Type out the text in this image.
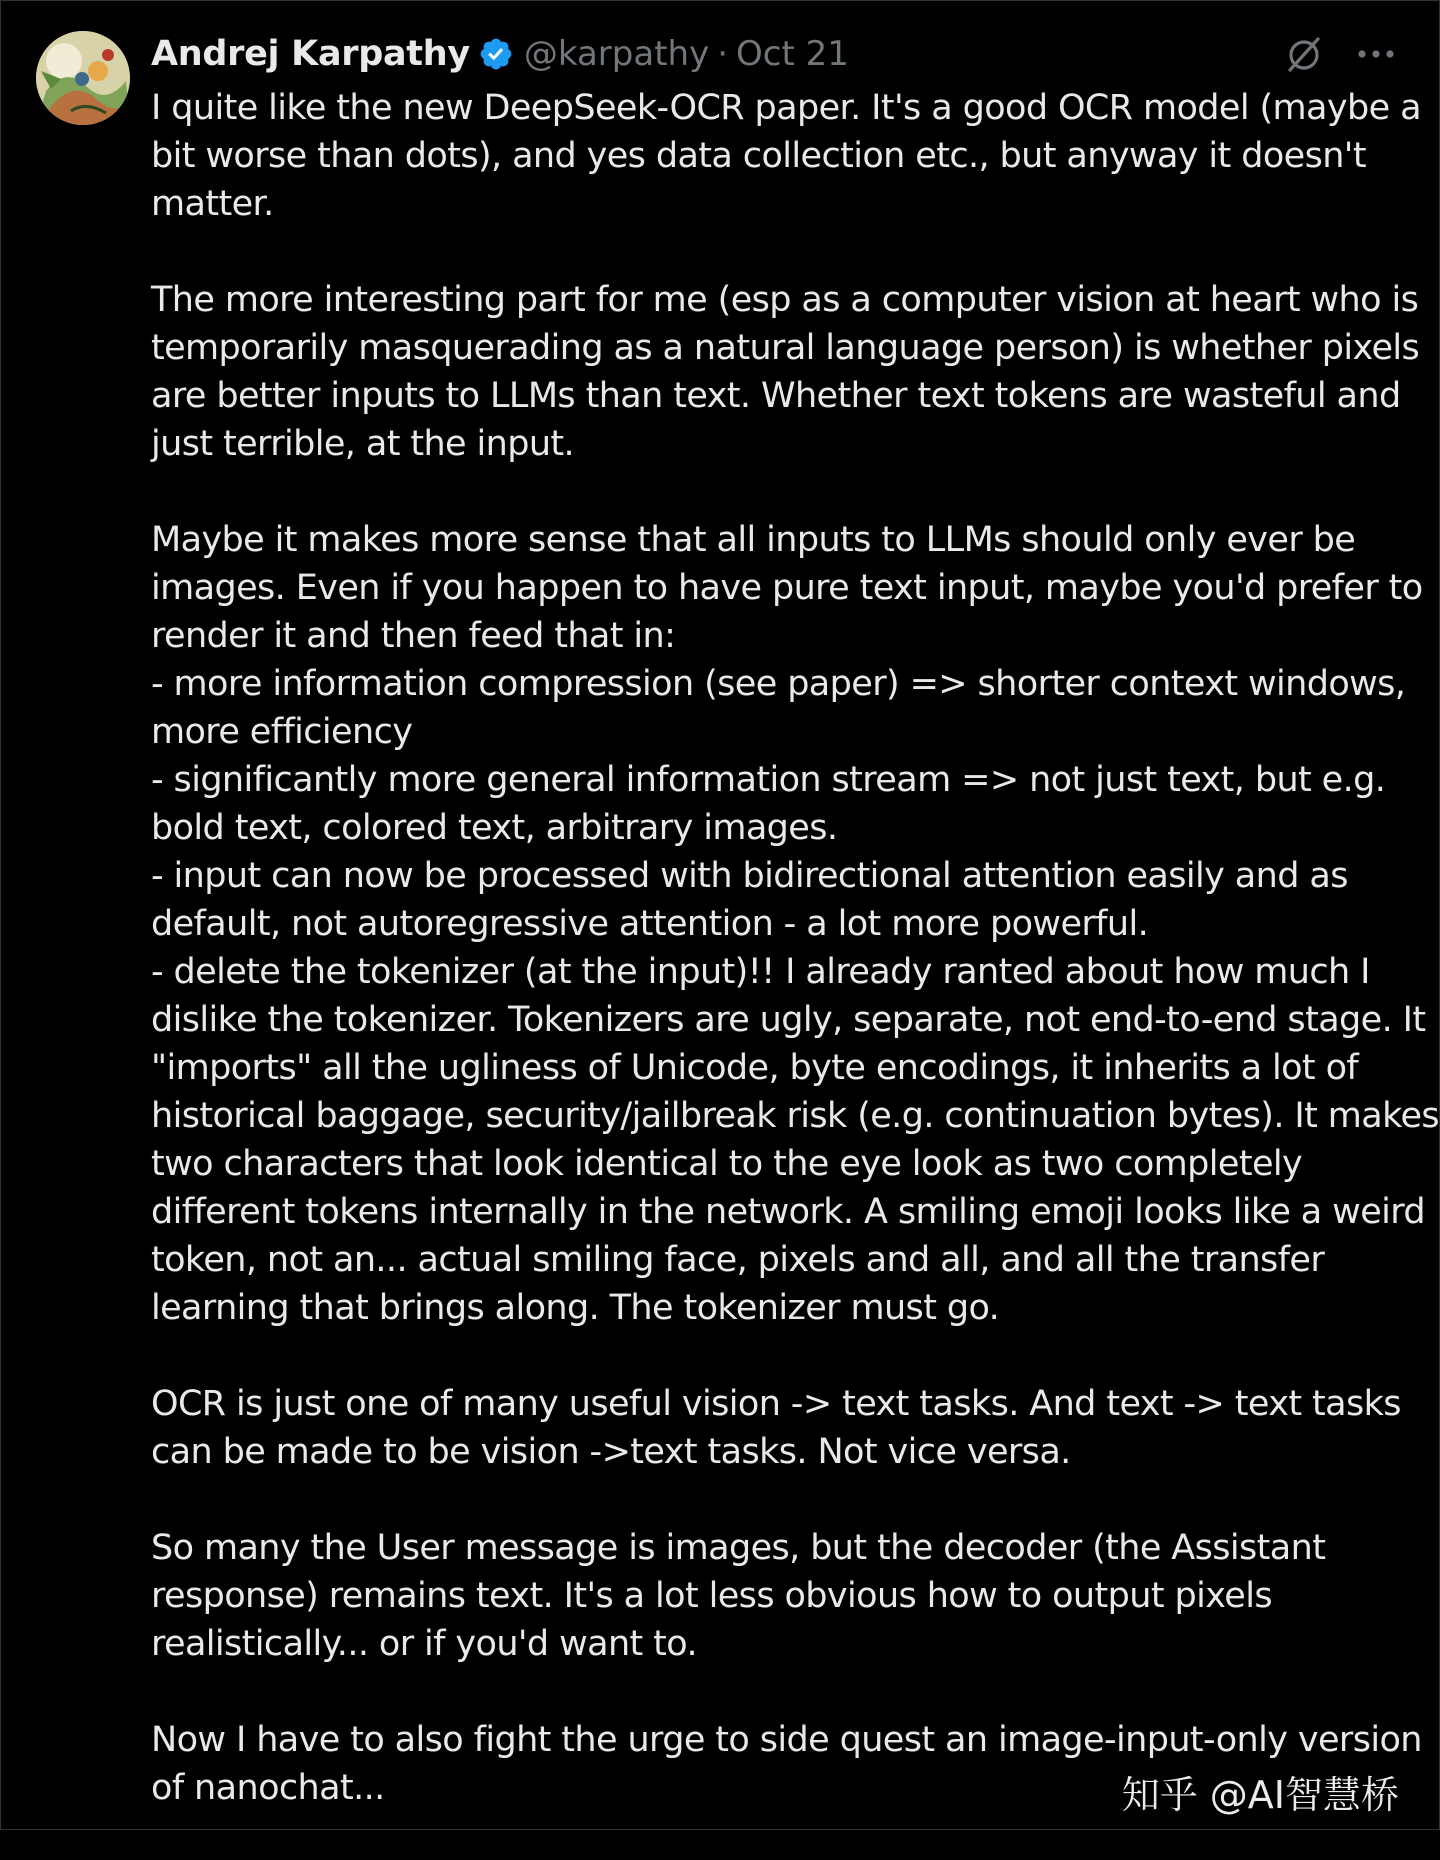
Andrej Karpathy @karpathy · Oct 21
I quite like the new DeepSeek-OCR paper. It's a good OCR model (maybe a
bit worse than dots), and yes data collection etc., but anyway it doesn't
matter.
The more interesting part for me (esp as a computer vision at heart who is
temporarily masquerading as a natural language person) is whether pixels
are better inputs to LLMs than text. Whether text tokens are wasteful and
just terrible, at the input.
Maybe it makes more sense that all inputs to LLMs should only ever be
images. Even if you happen to have pure text input, maybe you'd prefer to
render it and then feed that in:
- more information compression (see paper) => shorter context windows,
more efficiency
- significantly more general information stream => not just text, but e.g.
bold text, colored text, arbitrary images.
- input can now be processed with bidirectional attention easily and as
default, not autoregressive attention - a lot more powerful.
- delete the tokenizer (at the input)!! I already ranted about how much I
dislike the tokenizer. Tokenizers are ugly, separate, not end-to-end stage. It
"imports" all the ugliness of Unicode, byte encodings, it inherits a lot of
historical baggage, security/jailbreak risk (e.g. continuation bytes). It makes
two characters that look identical to the eye look as two completely
different tokens internally in the network. A smiling emoji looks like a weird
token, not an... actual smiling face, pixels and all, and all the transfer
learning that brings along. The tokenizer must go.
OCR is just one of many useful vision -> text tasks. And text -> text tasks
can be made to be vision ->text tasks. Not vice versa.
So many the User message is images, but the decoder (the Assistant
response) remains text. It's a lot less obvious how to output pixels
realistically... or if you'd want to.
Now I have to also fight the urge to side quest an image-input-only version
of nanochat...	知乎 @AI智慧桥
